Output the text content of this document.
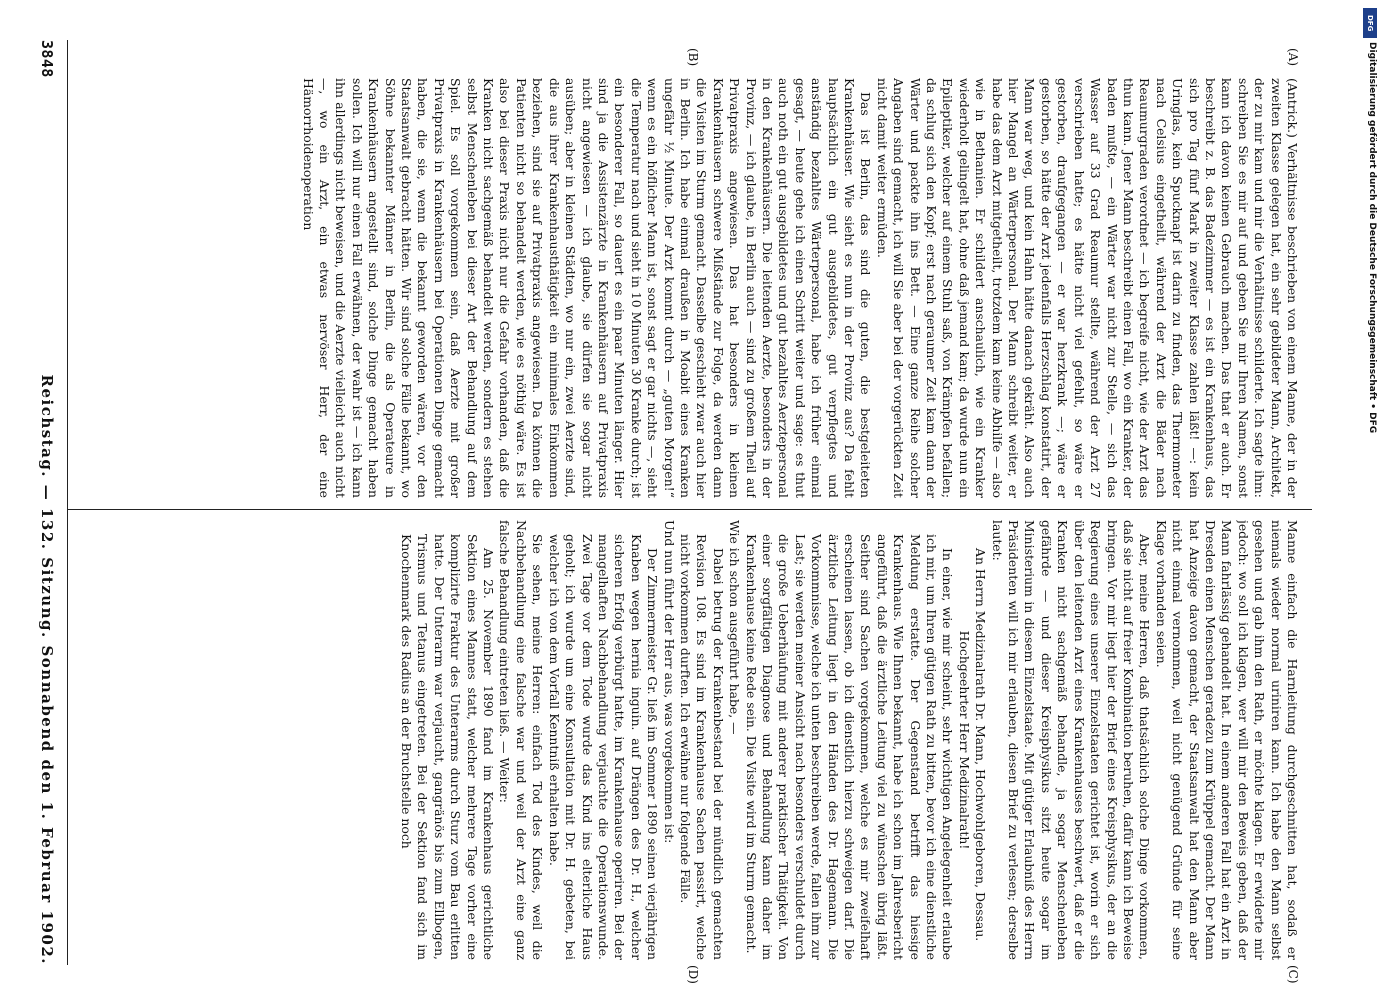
3848
Reichstag. — 132. Sitzung. Sonnabend den 1. Februar 1902.
(A)
(B)
(C)
(D)

(Antrick.) Verhältnisse beschrieben von einem Manne, der in der zweiten Klasse gelegen hat, ein sehr gebildeter Mann, Architekt, der zu mir kam und mir die Verhältnisse schilderte. Ich sagte ihm: schreiben Sie es mir auf und geben Sie mir Ihren Namen, sonst kann ich davon keinen Gebrauch machen. Das that er auch. Er beschreibt z. B. das Badezimmer — es ist ein Krankenhaus, das sich pro Tag fünf Mark in zweiter Klasse zahlen läßt! —: kein Uringlas, kein Spucknapf ist darin zu finden, das Thermometer nach Celsius eingetheilt, während der Arzt die Bäder nach Reaumurgraden verordnet — ich begreife nicht, wie der Arzt das thun kann. Jener Mann beschreibt einen Fall, wo ein Kranker, der baden mußte, — ein Wärter war nicht zur Stelle, — sich das Wasser auf 33 Grad Reaumur stellte, während der Arzt 27 verschrieben hatte; es hätte nicht viel gefehlt, so wäre er gestorben, draufgegangen — er war herzkrank —; wäre er gestorben, so hätte der Arzt jedenfalls Herzschlag konstatirt, der Mann war weg, und kein Hahn hätte danach gekräht. Also auch hier Mangel an Wärterpersonal. Der Mann schreibt weiter, er habe das dem Arzt mitgetheilt, trotzdem kam keine Abhilfe — also wie in Bethanien. Er schildert anschaulich, wie ein Kranker wiederholt gelingelt hat, ohne daß jemand kam; da wurde nun ein Epileptiker, welcher auf einem Stuhl saß, von Krämpfen befallen; da schlug sich den Kopf; erst nach geraumer Zeit kam dann der Wärter und packte ihn ins Bett. — Eine ganze Reihe solcher Angaben sind gemacht, ich will Sie aber bei der vorgerückten Zeit nicht damit weiter ermüden.

Das ist Berlin, das sind die guten, die bestgeleiteten Krankenhäuser. Wie sieht es nun in der Provinz aus? Da fehlt hauptsächlich ein gut ausgebildetes, gut verpflegtes und anständig bezahltes Wärterpersonal, habe ich früher einmal gesagt, — heute gehe ich einen Schritt weiter und sage: es thut auch noth ein gut ausgebildetes und gut bezahltes Aerztepersonal in den Krankenhäusern. Die leitenden Aerzte, besonders in der Provinz, — ich glaube, in Berlin auch — sind zu großem Theil auf Privatpraxis angewiesen. Das hat besonders in kleinen Krankenhäusern schwere Mißstände zur Folge, da werden dann die Visiten im Sturm gemacht. Dasselbe geschieht zwar auch hier in Berlin. Ich habe einmal draußen in Moabit eines Kranken ungefähr ½ Minute. Der Arzt kommt durch — „guten Morgen!“ wenn es ein höflicher Mann ist, sonst sagt er gar nichts —, sieht die Temperatur nach und sieht in 10 Minuten 30 Kranke durch; ist ein besonderer Fall, so dauert es ein paar Minuten länger. Hier sind ja die Assistenzärzte in Krankenhäusern auf Privatpraxis nicht angewiesen — ich glaube, sie dürfen sie sogar nicht ausüben; aber in kleinen Städten, wo nur ein, zwei Aerzte sind, die aus ihrer Krankenhausthätigkeit ein minimales Einkommen beziehen, sind sie auf Privatpraxis angewiesen. Da können die Patienten nicht so behandelt werden, wie es nöthig wäre. Es ist also bei dieser Praxis nicht nur die Gefahr vorhanden, daß die Kranken nicht sachgemäß behandelt werden, sondern es stehen selbst Menschenleben bei dieser Art der Behandlung auf dem Spiel. Es soll vorgekommen sein, daß Aerzte mit großer Privatpraxis in Krankenhäusern bei Operationen Dinge gemacht haben, die sie, wenn die bekannt geworden wären, vor den Staatsanwalt gebracht hätten. Wir sind solche Fälle bekannt, wo Söhne bekannter Männer in Berlin, die als Operateure in Krankenhäusern angestellt sind, solche Dinge gemacht haben sollen. Ich will nur einen Fall erwähnen, der wahr ist — ich kann ihn allerdings nicht beweisen, und die Aerzte vielleicht auch nicht —, wo ein Arzt, ein etwas nervöser Herr, der eine Hämorrhoidenoperation

Manne einfach die Harnleitung durchgeschnitten hat, sodaß er niemals wieder normal uriniren kann. Ich habe den Mann selbst gesehen und gab ihm den Rath, er möchte klagen. Er erwiderte mir jedoch: wo soll ich klagen, wer will mir den Beweis geben, daß der Mann fahrlässig gehandelt hat. In einem anderen Fall hat ein Arzt in Dresden einen Menschen geradezu zum Krüppel gemacht. Der Mann hat Anzeige davon gemacht, der Staatsanwalt hat den Mann aber nicht einmal vernommen, weil nicht genügend Gründe für seine Klage vorhanden seien.

Aber, meine Herren, daß thatsächlich solche Dinge vorkommen, daß sie nicht auf freier Kombination beruhen, dafür kann ich Beweise bringen. Vor mir liegt hier der Brief eines Kreisphysikus, der an die Regierung eines unserer Einzelstaaten gerichtet ist, worin er sich über den leitenden Arzt eines Krankenhauses beschwert, daß er die Kranken nicht sachgemäß behandle, ja sogar Menschenleben gefährde — und dieser Kreisphysikus sitzt heute sogar im Ministerium in diesem Einzelstaate. Mit gütiger Erlaubniß des Herrn Präsidenten will ich mir erlauben, diesen Brief zu verlesen; derselbe lautet:

An Herrn Medizinalrath Dr. Mann, Hochwohlgeboren, Dessau.

Hochgeehrter Herr Medizinalrath!

In einer, wie mir scheint, sehr wichtigen Angelegenheit erlaube ich mir, um Ihren gütigen Rath zu bitten, bevor ich eine dienstliche Meldung erstatte. Der Gegenstand betrifft das hiesige Krankenhaus. Wie Ihnen bekannt, habe ich schon im Jahresbericht angeführt, daß die ärztliche Leitung viel zu wünschen übrig läßt. Seither sind Sachen vorgekommen, welche es mir zweifelhaft erscheinen lassen, ob ich dienstlich hierzu schweigen darf. Die ärztliche Leitung liegt in den Händen des Dr. Hagemann. Die Vorkommnisse, welche ich unten beschreiben werde, fallen ihm zur Last; sie werden meiner Ansicht nach besonders verschuldet durch die große Ueberhäufung mit anderer praktischer Thätigkeit. Von einer sorgfältigen Diagnose und Behandlung kann daher im Krankenhause keine Rede sein. Die Visite wird im Sturm gemacht.

Wie ich schon ausgeführt habe, —

Dabei betrug der Krankenbestand bei der mündlich gemachten Revision 108. Es sind im Krankenhause Sachen passirt, welche nicht vorkommen durften. Ich erwähne nur folgende Fälle.

Und nun führt der Herr aus, was vorgekommen ist:

Der Zimmermeister Gr. ließ im Sommer 1890 seinen vierjährigen Knaben wegen hernia inguin. auf Drängen des Dr. H., welcher sicheren Erfolg verbürgt hatte, im Krankenhause operiren. Bei der mangelhaften Nachbehandlung verjauchte die Operationswunde. Zwei Tage vor dem Tode wurde das Kind ins elterliche Haus geholt; ich wurde um eine Konsultation mit Dr. H. gebeten, bei welcher ich von dem Vorfall Kenntniß erhalten habe.

Sie sehen, meine Herren: einfach Tod des Kindes, weil die Nachbehandlung eine falsche war und weil der Arzt eine ganz falsche Behandlung eintreten ließ. — Weiter:

Am 25. November 1890 fand im Krankenhaus gerichtliche Sektion eines Mannes statt, welcher mehrere Tage vorher eine komplizirte Fraktur des Unterarms durch Sturz vom Bau erlitten hatte. Der Unterarm war verjaucht, gangränös bis zum Ellbogen, Trismus und Tetanus eingetreten. Bei der Sektion fand sich im Knochenmark des Radius an der Bruchstelle noch

DFG
Digitalisierung gefördert durch die Deutsche Forschungsgemeinschaft • DFG
